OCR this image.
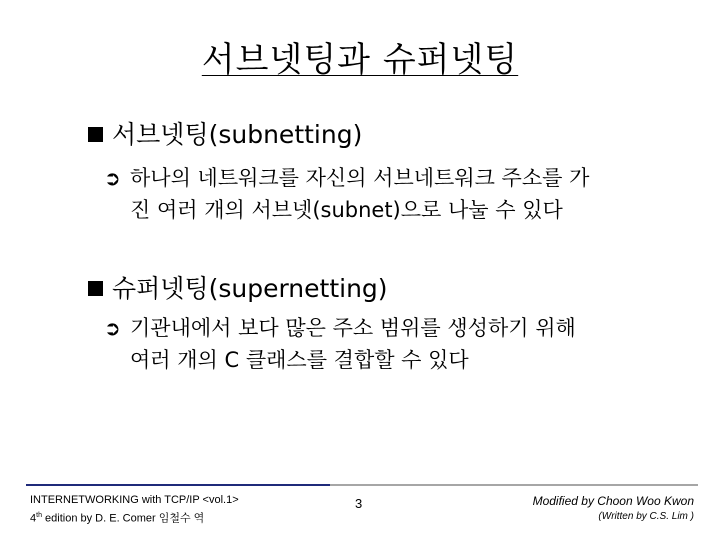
서브넷팅과 슈퍼넷팅
서브넷팅(subnetting)
➲ 하나의 네트워크를 자신의 서브네트워크 주소를 가
진 여러 개의 서브넷(subnet)으로 나눌 수 있다
슈퍼넷팅(supernetting)
➲ 기관내에서 보다 많은 주소 범위를 생성하기 위해
여러 개의 C 클래스를 결합할 수 있다
INTERNETWORKING with TCP/IP <vol.1>
4th edition by D. E. Comer 임철수 역
3	Modified by Choon Woo Kwon
(Written by C.S. Lim )
